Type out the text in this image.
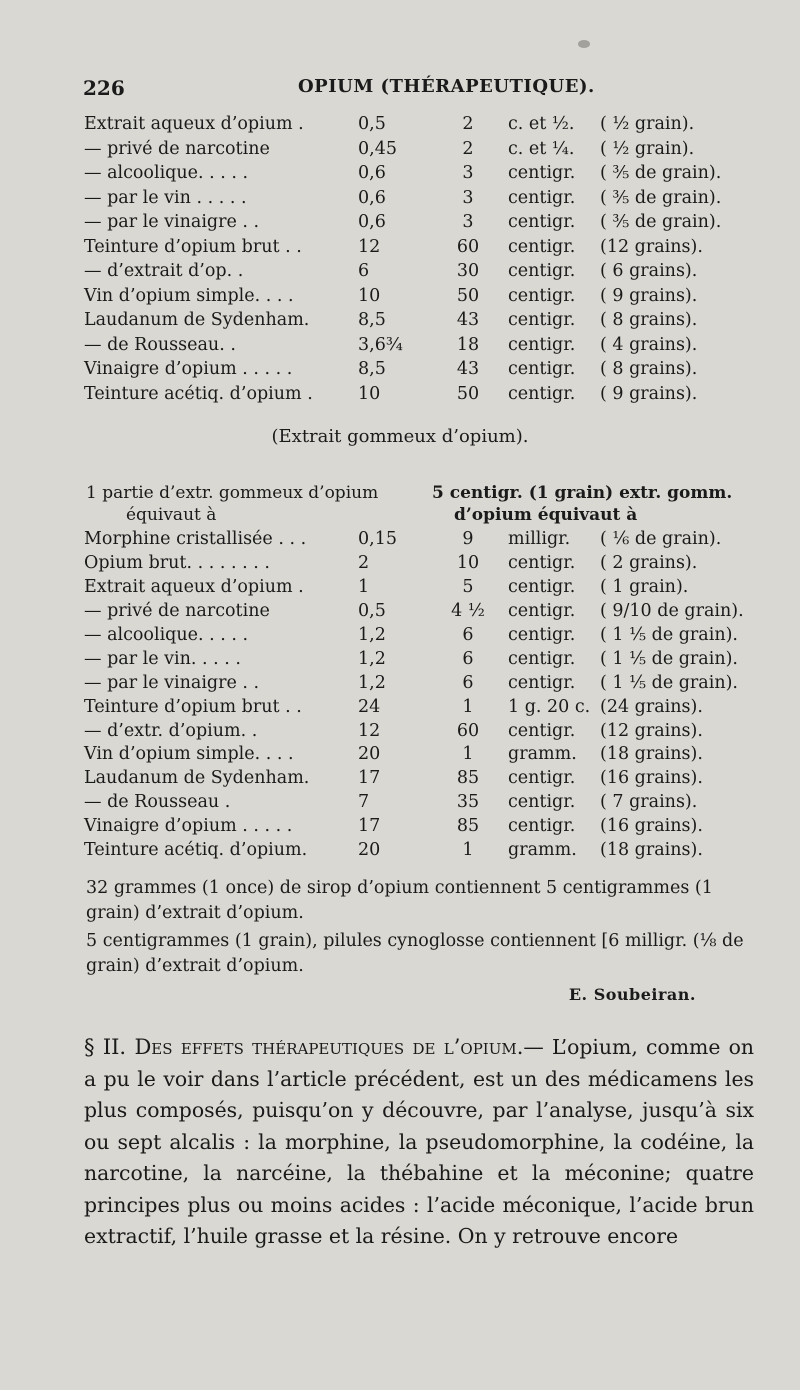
226	OPIUM (THÉRAPEUTIQUE).
Extrait aqueux d’opium .	0,5	2	c. et ½.	( ½ grain).
— privé de narcotine	0,45	2	c. et ¼.	( ½ grain).
— alcoolique. . . . .	0,6	3	centigr.	( ⅗ de grain).
— par le vin . . . . .	0,6	3	centigr.	( ⅗ de grain).
— par le vinaigre . .	0,6	3	centigr.	( ⅗ de grain).
Teinture d’opium brut . .	12	60	centigr.	(12 grains).
— d’extrait d’op. .	6	30	centigr.	( 6 grains).
Vin d’opium simple. . . .	10	50	centigr.	( 9 grains).
Laudanum de Sydenham.	8,5	43	centigr.	( 8 grains).
— de Rousseau. .	3,6¾	18	centigr.	( 4 grains).
Vinaigre d’opium . . . . .	8,5	43	centigr.	( 8 grains).
Teinture acétiq. d’opium .	10	50	centigr.	( 9 grains).
(Extrait gommeux d’opium).
1 partie d’extr. gommeux d’opium
équivaut à
5 centigr. (1 grain) extr. gomm.
d’opium équivaut à
Morphine cristallisée . . .	0,15	9	milligr.	( ⅙ de grain).
Opium brut. . . . . . . .	2	10	centigr.	( 2 grains).
Extrait aqueux d’opium .	1	5	centigr.	( 1 grain).
— privé de narcotine	0,5	4 ½	centigr.	( 9/10 de grain).
— alcoolique. . . . .	1,2	6	centigr.	( 1 ⅕ de grain).
— par le vin. . . . .	1,2	6	centigr.	( 1 ⅕ de grain).
— par le vinaigre . .	1,2	6	centigr.	( 1 ⅕ de grain).
Teinture d’opium brut . .	24	1	1 g. 20 c.	(24 grains).
— d’extr. d’opium. .	12	60	centigr.	(12 grains).
Vin d’opium simple. . . .	20	1	gramm.	(18 grains).
Laudanum de Sydenham.	17	85	centigr.	(16 grains).
— de Rousseau .	7	35	centigr.	( 7 grains).
Vinaigre d’opium . . . . .	17	85	centigr.	(16 grains).
Teinture acétiq. d’opium.	20	1	gramm.	(18 grains).
32 grammes (1 once) de sirop d’opium contiennent 5 centigrammes (1 grain) d’extrait d’opium.
5 centigrammes (1 grain), pilules cynoglosse contiennent [6 milligr. (⅛ de grain) d’extrait d’opium.
E. Soubeiran.
§ II. Des effets thérapeutiques de l’opium.— L’opium, comme on a pu le voir dans l’article précédent, est un des médicamens les plus composés, puisqu’on y découvre, par l’analyse, jusqu’à six ou sept alcalis : la morphine, la pseudomorphine, la codéine, la narcotine, la narcéine, la thébahine et la méconine; quatre principes plus ou moins acides : l’acide méconique, l’acide brun extractif, l’huile grasse et la résine. On y retrouve encore
